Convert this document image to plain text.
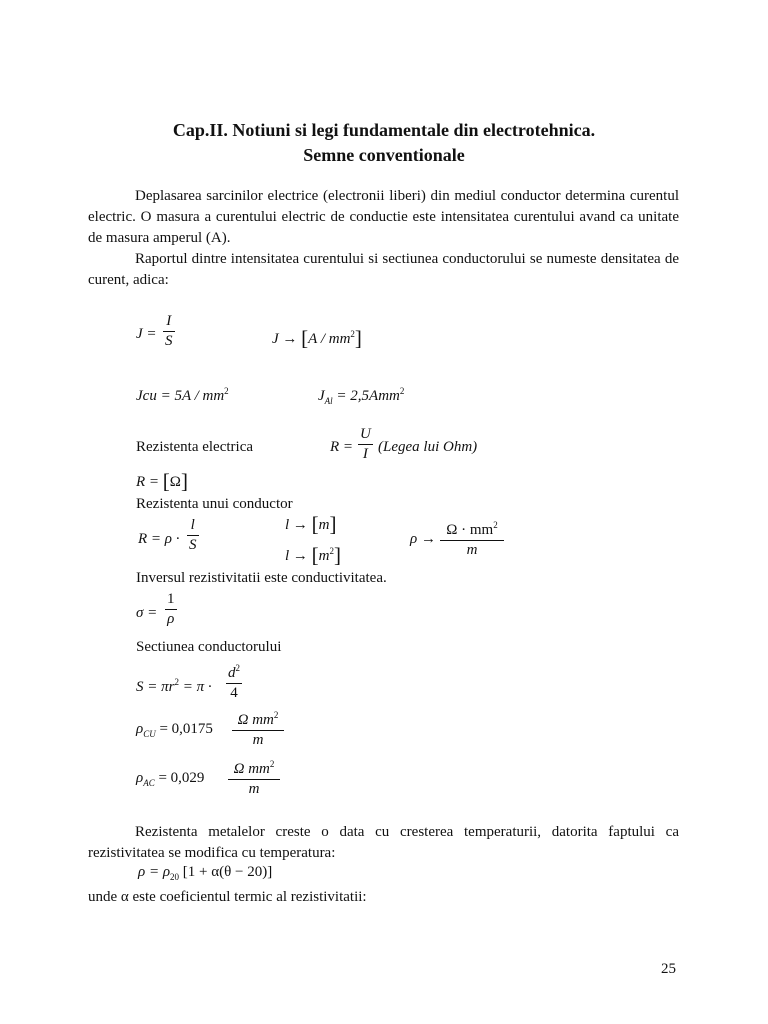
Cap.II. Notiuni si legi fundamentale din electrotehnica.
Semne conventionale
Deplasarea sarcinilor electrice (electronii liberi) din mediul conductor determina curentul electric. O masura a curentului electric de conductie este intensitatea curentului avand ca unitate de masura amperul (A).
Raportul dintre intensitatea curentului si sectiunea conductorului se numeste densitatea de curent, adica:
J =
I
S	$J \to [A / mm^2]$
Jcu = $5A / mm^2$	$J_{Al} = 2,5Amm^2$
Rezistenta electrica	R =
U
I (Legea lui Ohm)
R = [Ω]
Rezistenta unui conductor
R = ρ ·
l
S
l → [m]
$l \to [m^2]$
ρ →
$\Omega \cdot mm^2$
m
Inversul rezistivitatii este conductivitatea.
σ =
1
ρ
Sectiunea conductorului
$S = \pi r^2 = \pi$ ·
$d^2$
4
$\rho_{CU} = 0,0175$
Ω $mm^2$
m
$\rho_{AC} = 0,029$
Ω $mm^2$
m
Rezistenta metalelor creste o data cu cresterea temperaturii, datorita faptului ca rezistivitatea se modifica cu temperatura:
$\rho = \rho_{20}$ [1 + α(θ − 20)]
unde α este coeficientul termic al rezistivitatii:
25
